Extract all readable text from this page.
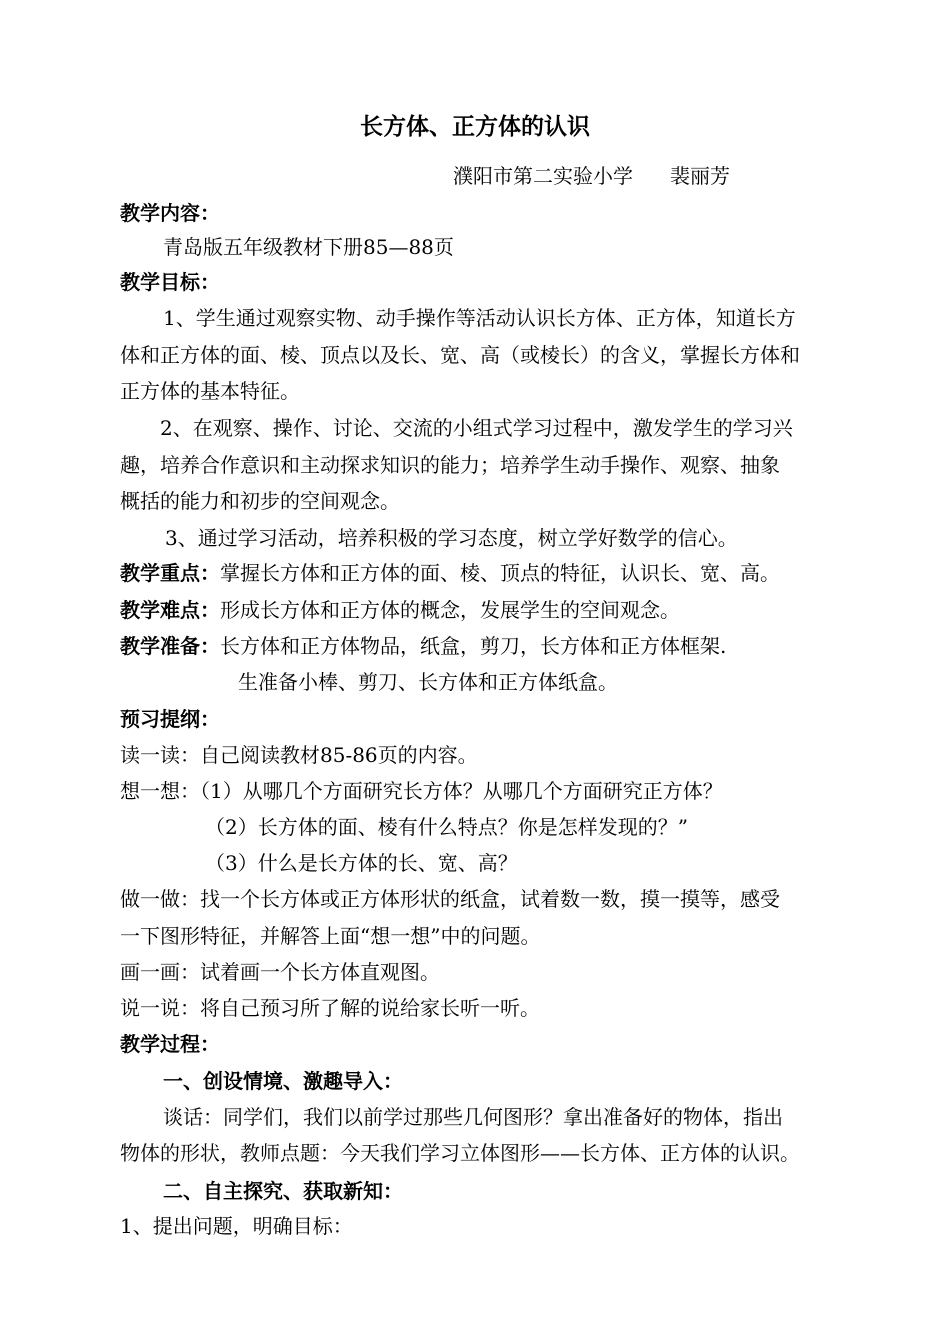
长方体、正方体的认识
濮阳市第二实验小学 裴丽芳
教学内容：
青岛版五年级教材下册85—88页
教学目标：
1、学生通过观察实物、动手操作等活动认识长方体、正方体，知道长方
体和正方体的面、棱、顶点以及长、宽、高（或棱长）的含义，掌握长方体和
正方体的基本特征。
2、在观察、操作、讨论、交流的小组式学习过程中，激发学生的学习兴
趣，培养合作意识和主动探求知识的能力；培养学生动手操作、观察、抽象
概括的能力和初步的空间观念。
3、通过学习活动，培养积极的学习态度，树立学好数学的信心。
教学重点：掌握长方体和正方体的面、棱、顶点的特征，认识长、宽、高。
教学难点：形成长方体和正方体的概念，发展学生的空间观念。
教学准备：长方体和正方体物品，纸盒，剪刀，长方体和正方体框架.
生准备小棒、剪刀、长方体和正方体纸盒。
预习提纲：
读一读：自己阅读教材85-86页的内容。
想一想：（1）从哪几个方面研究长方体？从哪几个方面研究正方体？
（2）长方体的面、棱有什么特点？你是怎样发现的？”
（3）什么是长方体的长、宽、高？
做一做：找一个长方体或正方体形状的纸盒，试着数一数，摸一摸等，感受
一下图形特征，并解答上面“想一想”中的问题。
画一画：试着画一个长方体直观图。
说一说：将自己预习所了解的说给家长听一听。
教学过程：
一、创设情境、激趣导入：
谈话：同学们，我们以前学过那些几何图形？拿出准备好的物体，指出
物体的形状，教师点题：今天我们学习立体图形——长方体、正方体的认识。
二、自主探究、获取新知：
1、提出问题，明确目标：
